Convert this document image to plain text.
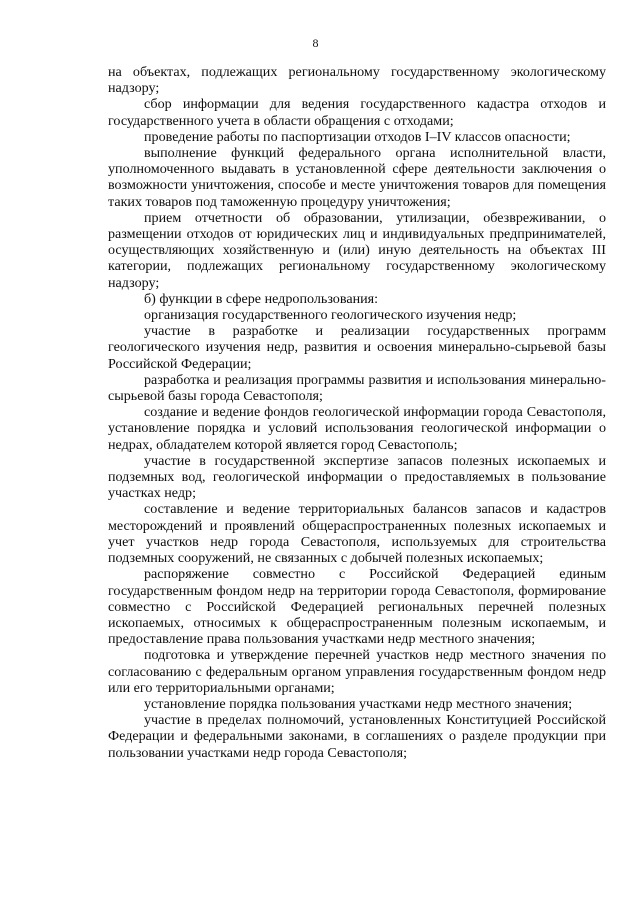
8

на объектах, подлежащих региональному государственному экологическому надзору;

сбор информации для ведения государственного кадастра отходов и государственного учета в области обращения с отходами;

проведение работы по паспортизации отходов I–IV классов опасности;

выполнение функций федерального органа исполнительной власти, уполномоченного выдавать в установленной сфере деятельности заключения о возможности уничтожения, способе и месте уничтожения товаров для помещения таких товаров под таможенную процедуру уничтожения;

прием отчетности об образовании, утилизации, обезвреживании, о размещении отходов от юридических лиц и индивидуальных предпринимателей, осуществляющих хозяйственную и (или) иную деятельность на объектах III категории, подлежащих региональному государственному экологическому надзору;

б) функции в сфере недропользования:

организация государственного геологического изучения недр;

участие в разработке и реализации государственных программ геологического изучения недр, развития и освоения минерально-сырьевой базы Российской Федерации;

разработка и реализация программы развития и использования минерально-сырьевой базы города Севастополя;

создание и ведение фондов геологической информации города Севастополя, установление порядка и условий использования геологической информации о недрах, обладателем которой является город Севастополь;

участие в государственной экспертизе запасов полезных ископаемых и подземных вод, геологической информации о предоставляемых в пользование участках недр;

составление и ведение территориальных балансов запасов и кадастров месторождений и проявлений общераспространенных полезных ископаемых и учет участков недр города Севастополя, используемых для строительства подземных сооружений, не связанных с добычей полезных ископаемых;

распоряжение совместно с Российской Федерацией единым государственным фондом недр на территории города Севастополя, формирование совместно с Российской Федерацией региональных перечней полезных ископаемых, относимых к общераспространенным полезным ископаемым, и предоставление права пользования участками недр местного значения;

подготовка и утверждение перечней участков недр местного значения по согласованию с федеральным органом управления государственным фондом недр или его территориальными органами;

установление порядка пользования участками недр местного значения;

участие в пределах полномочий, установленных Конституцией Российской Федерации и федеральными законами, в соглашениях о разделе продукции при пользовании участками недр города Севастополя;
